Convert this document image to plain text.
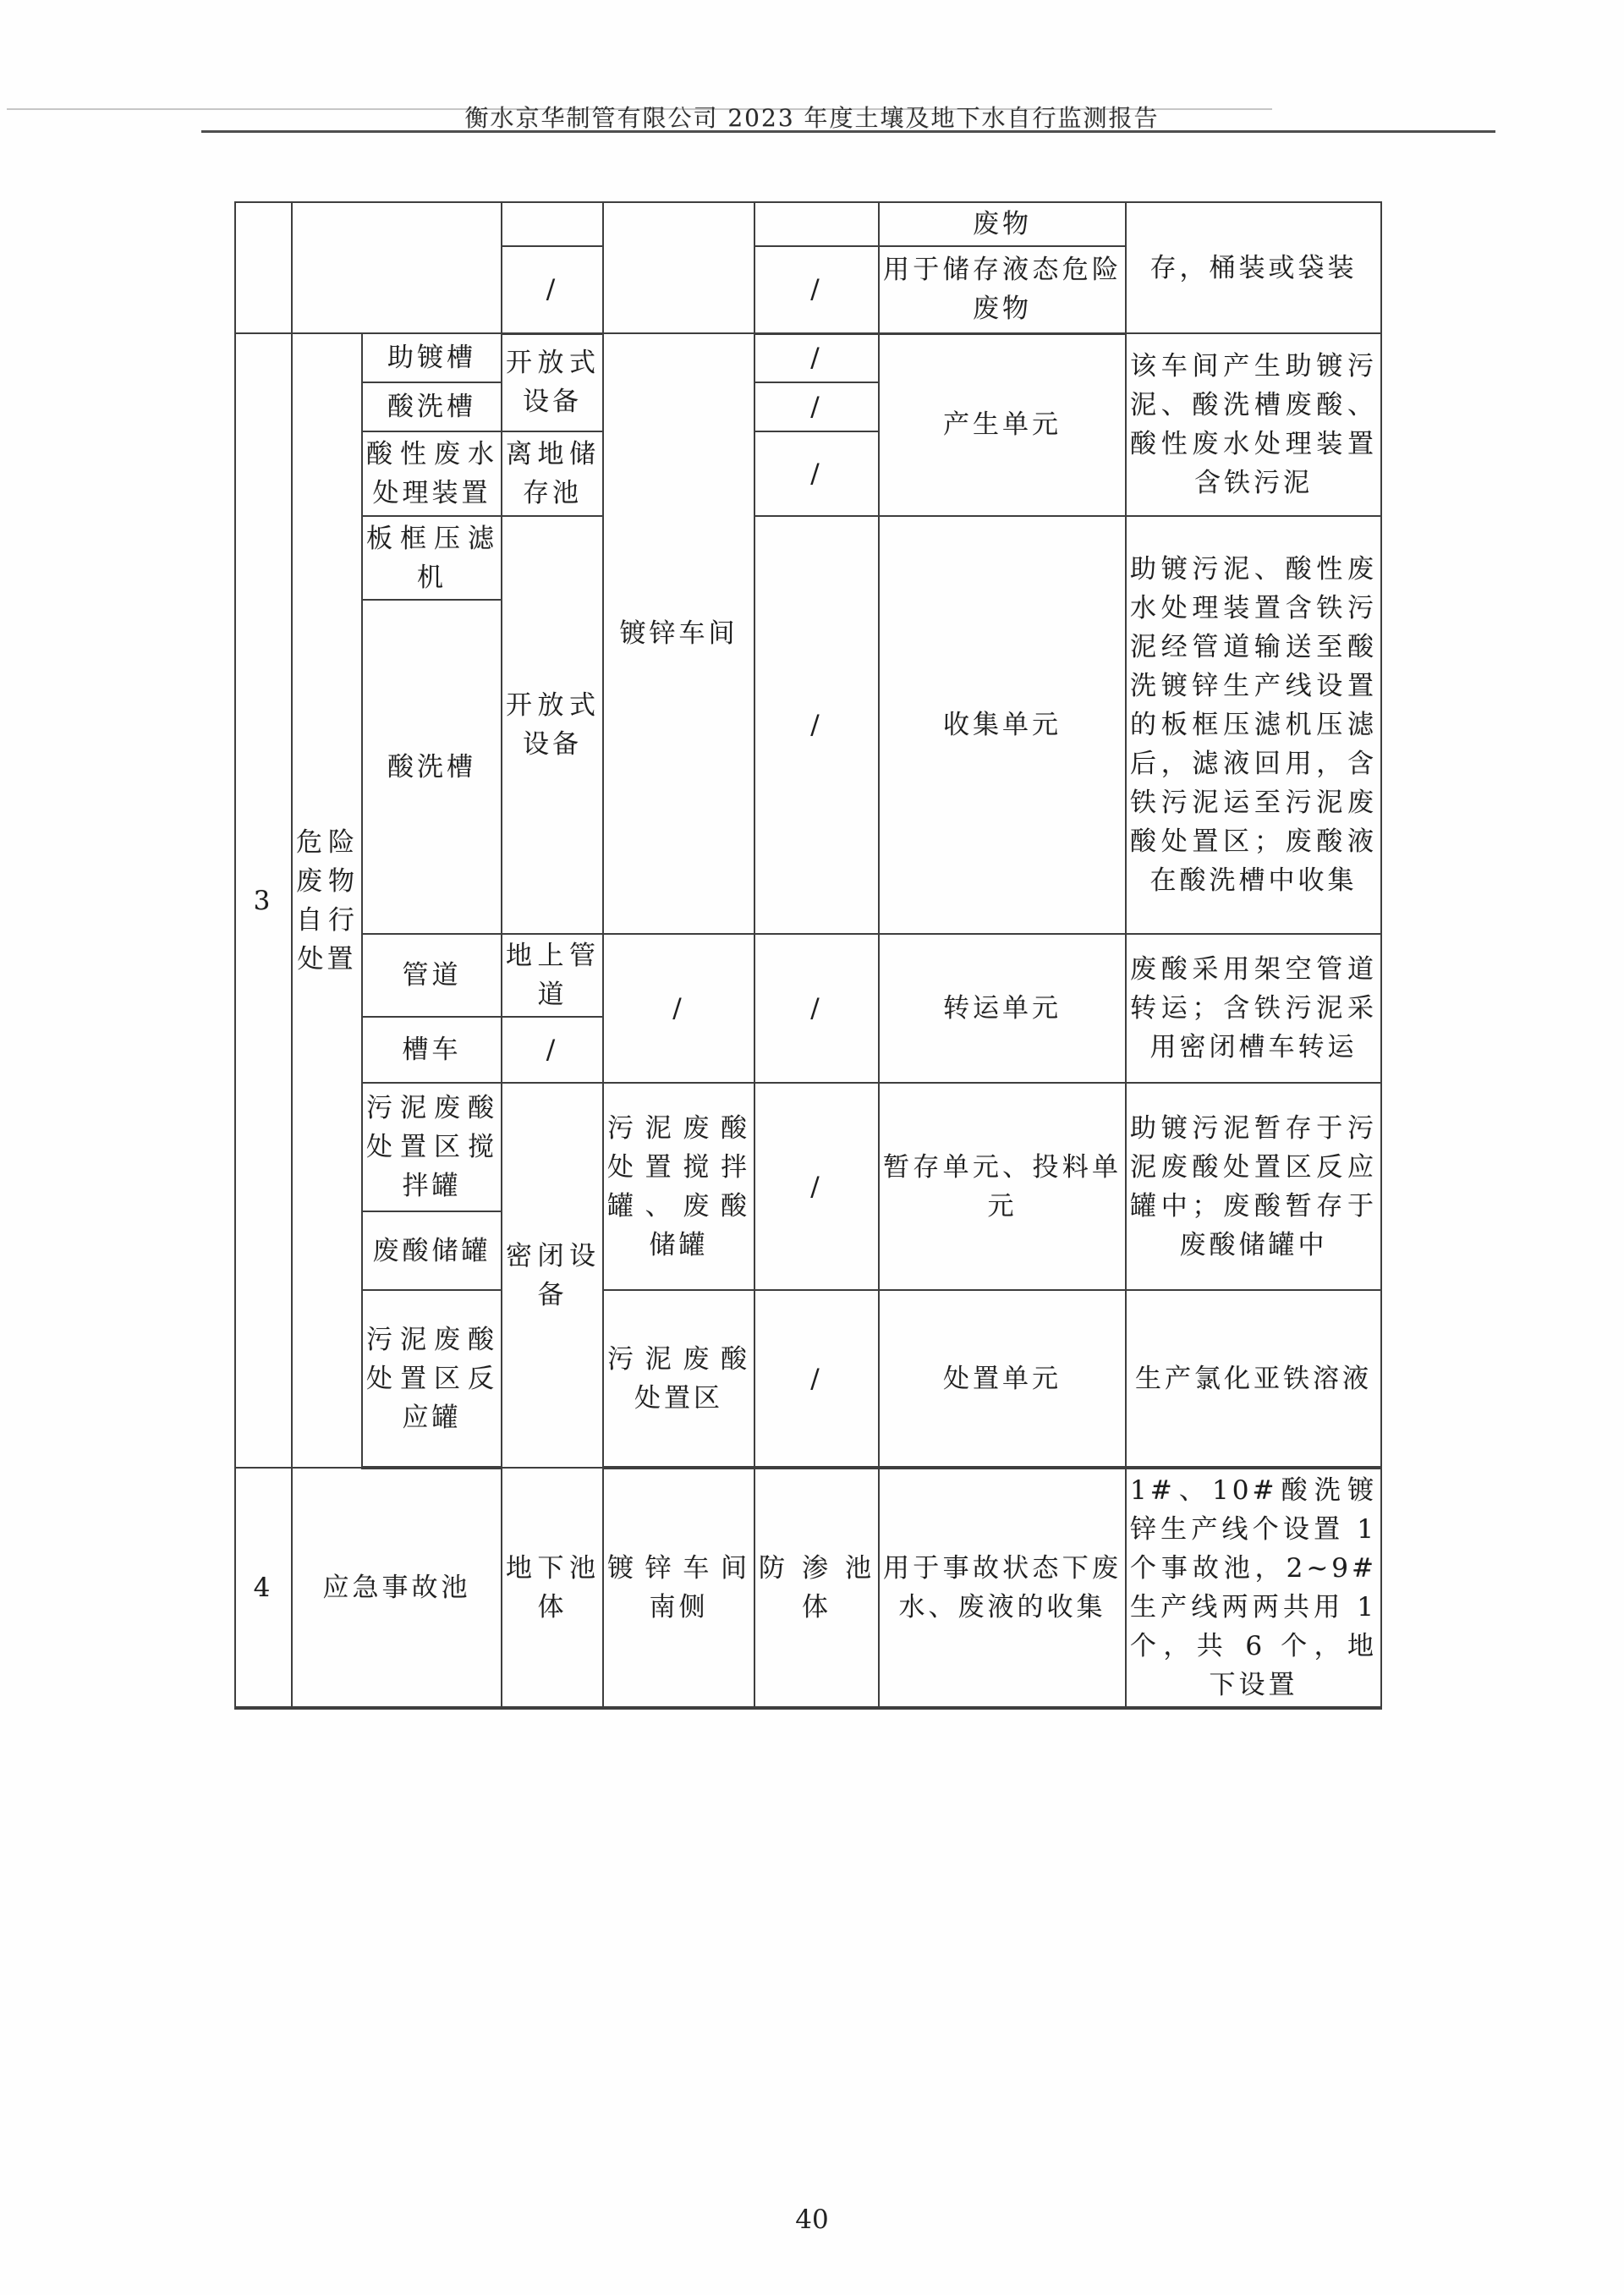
衡水京华制管有限公司 2023 年度土壤及地下水自行监测报告
						废物	存，桶装或袋装
			/		/	用于储存液态危险废物	
3	危险废物自行处置	助镀槽	开放式设备	镀锌车间	/	产生单元	该车间产生助镀污泥、酸洗槽废酸、酸性废水处理装置含铁污泥
		酸洗槽			/		
		酸性废水处理装置	离地储存池		/		
		板框压滤机	开放式设备		/	收集单元	助镀污泥、酸性废水处理装置含铁污泥经管道输送至酸洗镀锌生产线设置的板框压滤机压滤后，滤液回用，含铁污泥运至污泥废酸处置区；废酸液在酸洗槽中收集
		酸洗槽					
		管道	地上管道	/	/	转运单元	废酸采用架空管道转运；含铁污泥采用密闭槽车转运
		槽车	/				
		污泥废酸处置区搅拌罐	密闭设备	污泥废酸处置搅拌罐、废酸储罐	/	暂存单元、投料单元	助镀污泥暂存于污泥废酸处置区反应罐中；废酸暂存于废酸储罐中
		废酸储罐					
		污泥废酸处置区反应罐		污泥废酸处置区	/	处置单元	生产氯化亚铁溶液
4	应急事故池		地下池体	镀锌车间南侧	防渗池体	用于事故状态下废水、废液的收集	1#、10#酸洗镀锌生产线个设置 1 个事故池，2~9#生产线两两共用 1 个，共 6 个，地下设置
40
